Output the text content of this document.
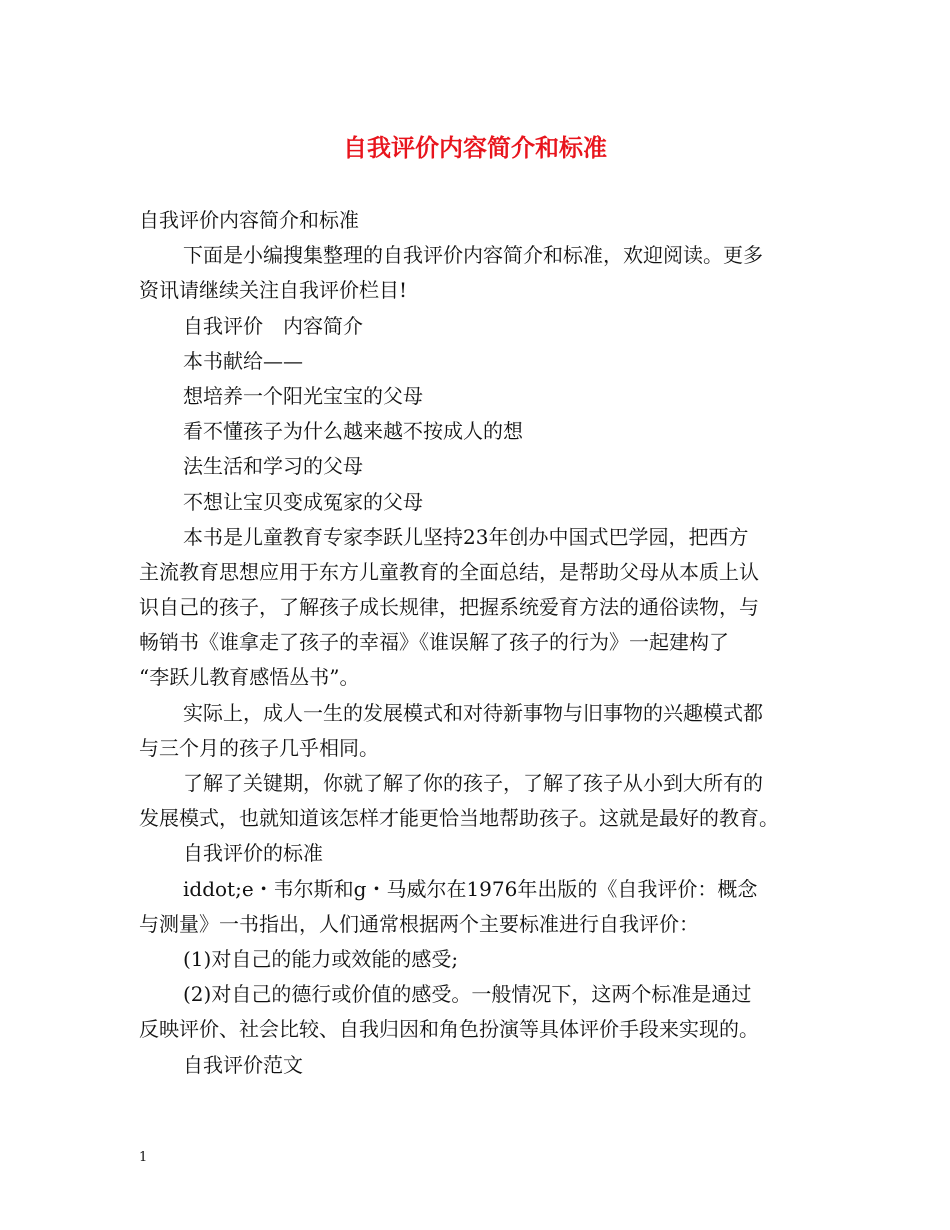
自我评价内容简介和标准
自我评价内容简介和标准
下面是小编搜集整理的自我评价内容简介和标准，欢迎阅读。更多
资讯请继续关注自我评价栏目!
自我评价　内容简介
本书献给——
想培养一个阳光宝宝的父母
看不懂孩子为什么越来越不按成人的想
法生活和学习的父母
不想让宝贝变成冤家的父母
本书是儿童教育专家李跃儿坚持23年创办中国式巴学园，把西方
主流教育思想应用于东方儿童教育的全面总结，是帮助父母从本质上认
识自己的孩子，了解孩子成长规律，把握系统爱育方法的通俗读物，与
畅销书《谁拿走了孩子的幸福》《谁误解了孩子的行为》一起建构了
“李跃儿教育感悟丛书”。
实际上，成人一生的发展模式和对待新事物与旧事物的兴趣模式都
与三个月的孩子几乎相同。
了解了关键期，你就了解了你的孩子，了解了孩子从小到大所有的
发展模式，也就知道该怎样才能更恰当地帮助孩子。这就是最好的教育。
自我评价的标准
iddot;e・韦尔斯和g・马威尔在1976年出版的《自我评价：概念
与测量》一书指出，人们通常根据两个主要标准进行自我评价：
(1)对自己的能力或效能的感受;
(2)对自己的德行或价值的感受。一般情况下，这两个标准是通过
反映评价、社会比较、自我归因和角色扮演等具体评价手段来实现的。
自我评价范文
1
